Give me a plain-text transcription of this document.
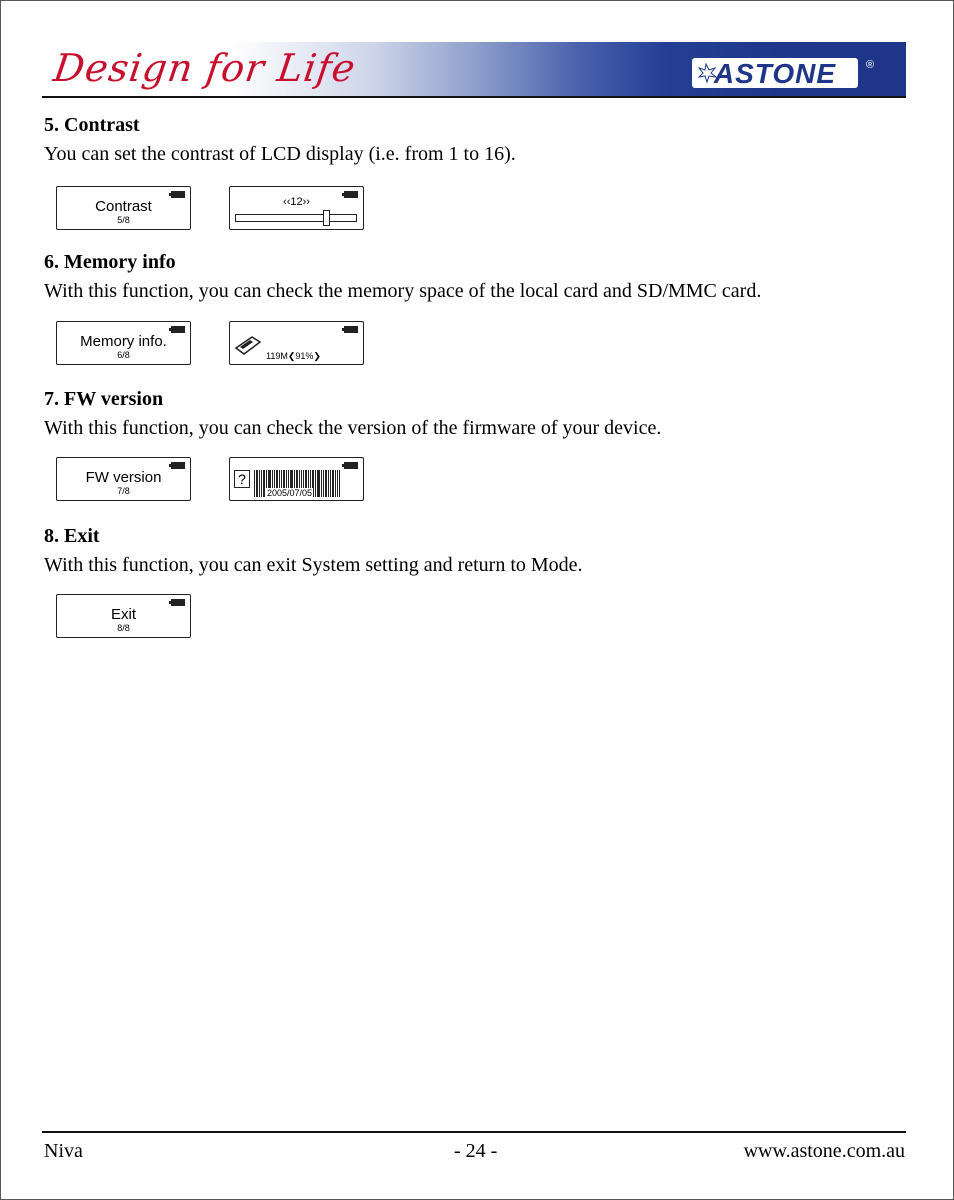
Design for Life	ASTONE	®
5. Contrast
You can set the contrast of LCD display (i.e. from 1 to 16).
Contrast
5/8
‹‹12››
6. Memory info
With this function, you can check the memory space of the local card and SD/MMC card.
Memory info.
6/8	119M❮91%❯
7. FW version
With this function, you can check the version of the firmware of your device.
FW version
7/8
?
2005/07/05
8. Exit
With this function, you can exit System setting and return to Mode.
Exit
8/8
Niva	- 24 -	www.astone.com.au
